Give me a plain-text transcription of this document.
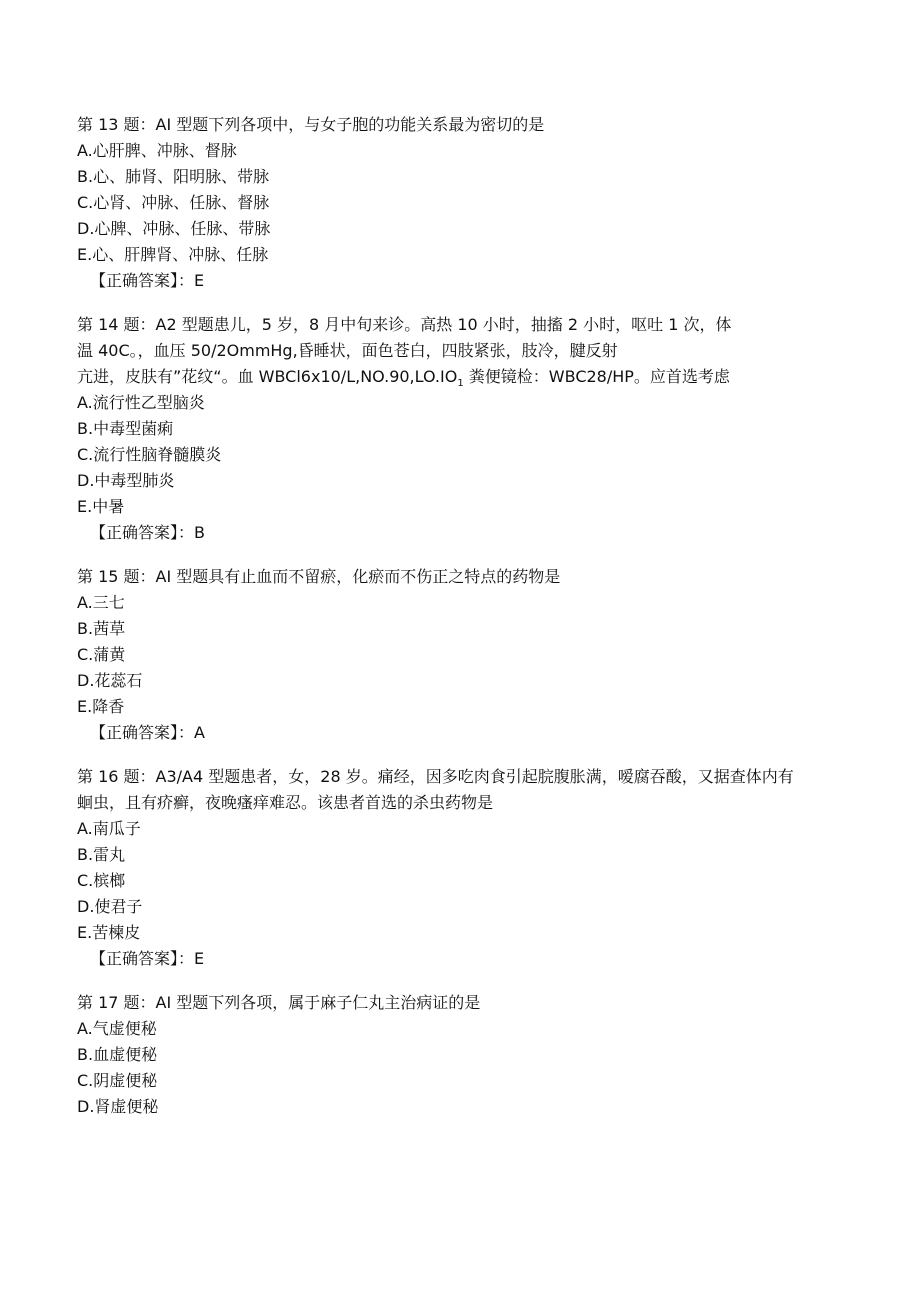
第 13 题：AI 型题下列各项中，与女子胞的功能关系最为密切的是
A.心肝脾、冲脉、督脉
B.心、肺肾、阳明脉、带脉
C.心肾、冲脉、任脉、督脉
D.心脾、冲脉、任脉、带脉
E.心、肝脾肾、冲脉、任脉
【正确答案】：E
第 14 题：A2 型题患儿，5 岁，8 月中旬来诊。高热 10 小时，抽搐 2 小时，呕吐 1 次，体
温 40C。，血压 50/2OmmHg,昏睡状，面色苍白，四肢紧张，肢冷，腱反射
亢进，皮肤有”花纹“。血 $WBCl6x10/L,NO.90,LO.IO_1$ 粪便镜检：WBC28/HP。应首选考虑
A.流行性乙型脑炎
B.中毒型菌痢
C.流行性脑脊髓膜炎
D.中毒型肺炎
E.中暑
【正确答案】：B
第 15 题：AI 型题具有止血而不留瘀，化瘀而不伤正之特点的药物是
A.三七
B.茜草
C.蒲黄
D.花蕊石
E.降香
【正确答案】：A
第 16 题：A3/A4 型题患者，女，28 岁。痛经，因多吃肉食引起脘腹胀满，嗳腐吞酸，又据查体内有
蛔虫，且有疥癣，夜晚瘙痒难忍。该患者首选的杀虫药物是
A.南瓜子
B.雷丸
C.槟榔
D.使君子
E.苦楝皮
【正确答案】：E
第 17 题：AI 型题下列各项，属于麻子仁丸主治病证的是
A.气虚便秘
B.血虚便秘
C.阴虚便秘
D.肾虚便秘
